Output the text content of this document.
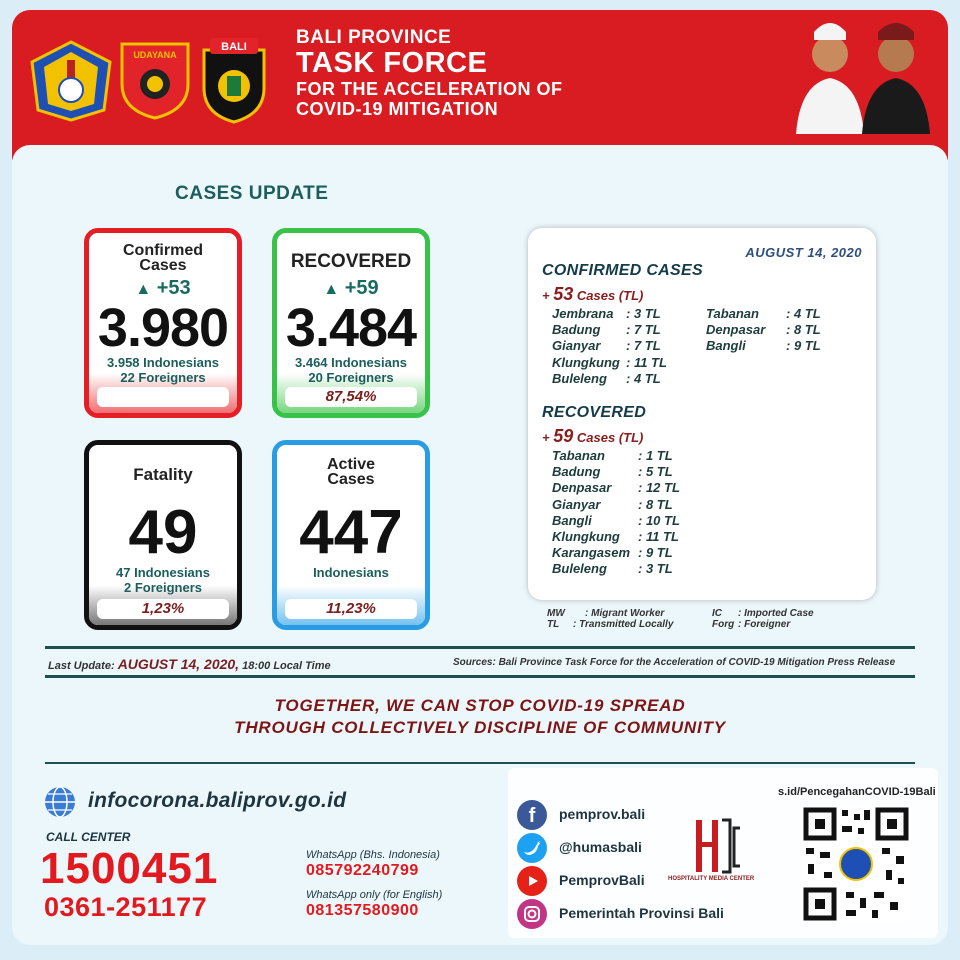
UDAYANA
BALI	BALI PROVINCE
TASK FORCE
FOR THE ACCELERATION OF
COVID-19 MITIGATION
CASES UPDATE
Confirmed
Cases
▲ +53
3.980
3.958 Indonesians
22 Foreigners
RECOVERED
▲ +59
3.484
3.464 Indonesians
20 Foreigners
87,54%
Fatality
49
47 Indonesians
2 Foreigners
1,23%
Active
Cases
447
Indonesians
11,23%
AUGUST 14, 2020
CONFIRMED CASES
+ 53 Cases (TL)
Jembrana : 3 TL
Badung : 7 TL
Gianyar : 7 TL
Klungkung : 11 TL
Buleleng : 4 TL
Tabanan : 4 TL
Denpasar : 8 TL
Bangli	: 9 TL
RECOVERED
+ 59 Cases (TL)
Tabanan	: 1 TL
Badung	: 5 TL
Denpasar : 12 TL
Gianyar	: 8 TL
Bangli	: 10 TL
Klungkung : 11 TL
Karangasem : 9 TL
Buleleng : 3 TL
MW : Migrant Worker
TL : Transmitted Locally
IC : Imported Case
Forg : Foreigner
Last Update: AUGUST 14, 2020, 18:00 Local Time	Sources: Bali Province Task Force for the Acceleration of COVID-19 Mitigation Press Release
TOGETHER, WE CAN STOP COVID-19 SPREAD
THROUGH COLLECTIVELY DISCIPLINE OF COMMUNITY
infocorona.baliprov.go.id
CALL CENTER
1500451
0361-251177
WhatsApp (Bhs. Indonesia)
085792240799
WhatsApp only (for English)
081357580900
f pemprov.bali
@humasbali
PemprovBali
Pemerintah Provinsi Bali
HOSPITALITY MEDIA CENTER
s.id/PencegahanCOVID-19Bali
